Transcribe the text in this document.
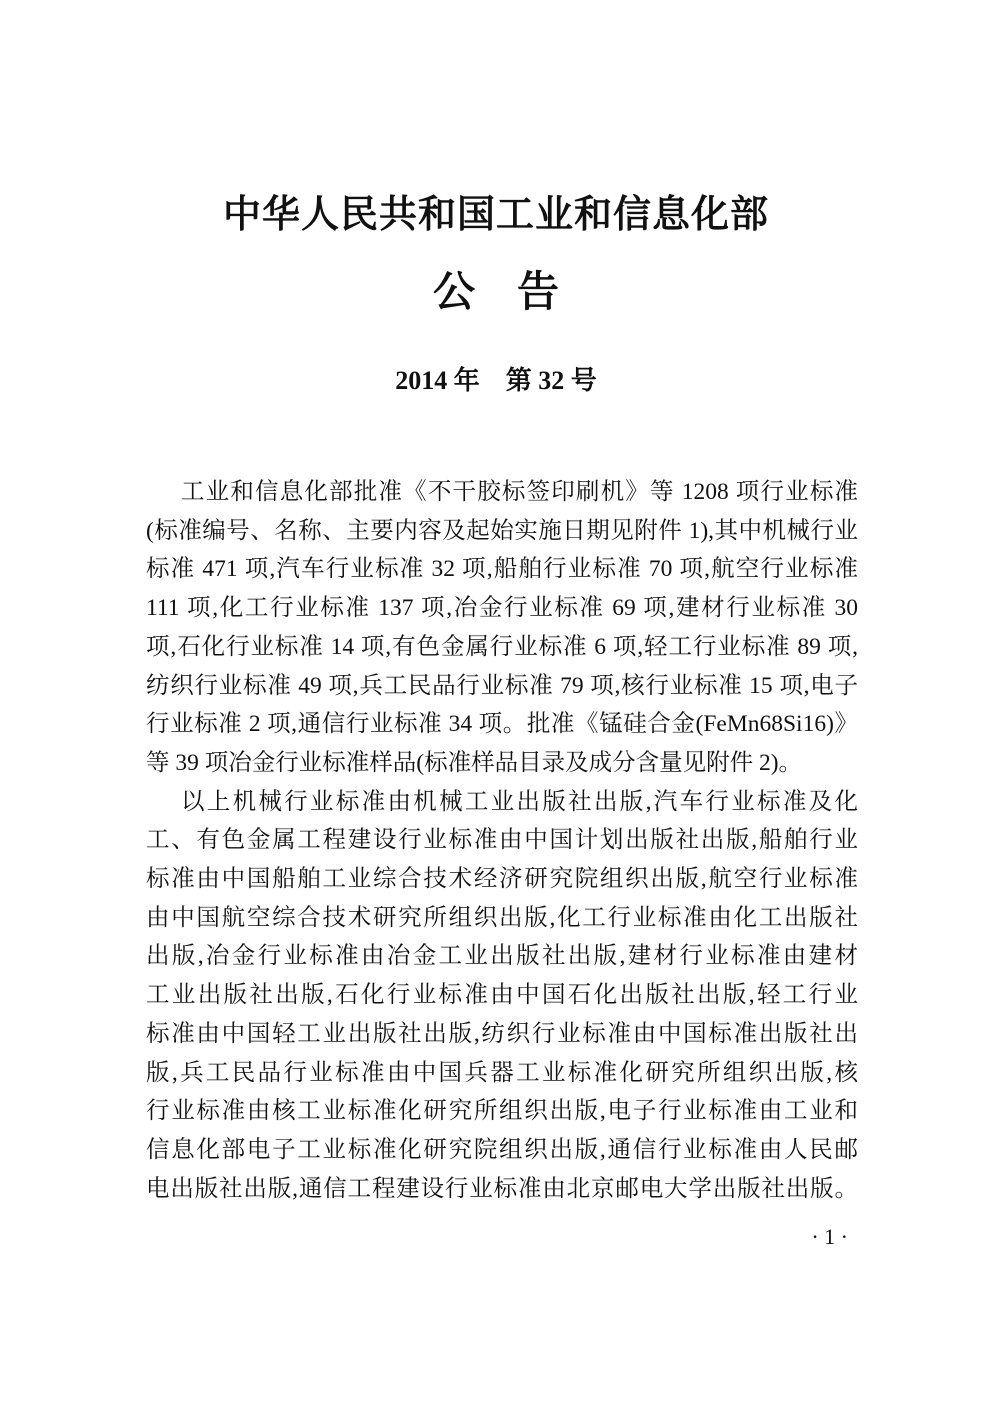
中华人民共和国工业和信息化部
公　告
2014 年　第 32 号
工业和信息化部批准《不干胶标签印刷机》等 1208 项行业标准
(标准编号、名称、主要内容及起始实施日期见附件 1),其中机械行业
标准 471 项,汽车行业标准 32 项,船舶行业标准 70 项,航空行业标准
111 项,化工行业标准 137 项,冶金行业标准 69 项,建材行业标准 30
项,石化行业标准 14 项,有色金属行业标准 6 项,轻工行业标准 89 项,
纺织行业标准 49 项,兵工民品行业标准 79 项,核行业标准 15 项,电子
行业标准 2 项,通信行业标准 34 项。批准《锰硅合金(FeMn68Si16)》
等 39 项冶金行业标准样品(标准样品目录及成分含量见附件 2)。
以上机械行业标准由机械工业出版社出版,汽车行业标准及化
工、有色金属工程建设行业标准由中国计划出版社出版,船舶行业
标准由中国船舶工业综合技术经济研究院组织出版,航空行业标准
由中国航空综合技术研究所组织出版,化工行业标准由化工出版社
出版,冶金行业标准由冶金工业出版社出版,建材行业标准由建材
工业出版社出版,石化行业标准由中国石化出版社出版,轻工行业
标准由中国轻工业出版社出版,纺织行业标准由中国标准出版社出
版,兵工民品行业标准由中国兵器工业标准化研究所组织出版,核
行业标准由核工业标准化研究所组织出版,电子行业标准由工业和
信息化部电子工业标准化研究院组织出版,通信行业标准由人民邮
电出版社出版,通信工程建设行业标准由北京邮电大学出版社出版。
· 1 ·
